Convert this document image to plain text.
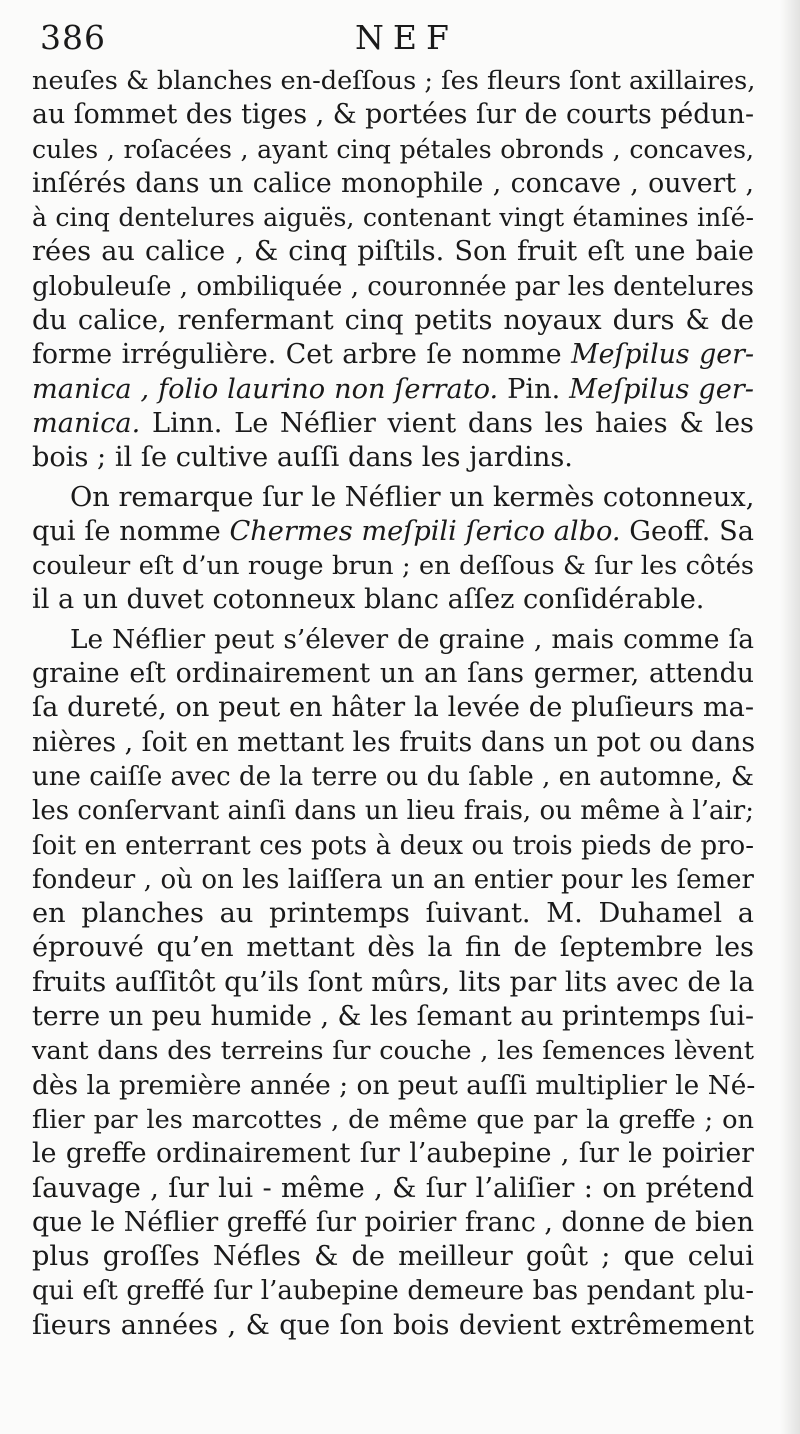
386	NEF
neuſes & blanches en-deſſous ; ſes fleurs ſont axillaires,
au ſommet des tiges , & portées ſur de courts pédun-
cules , roſacées , ayant cinq pétales obronds , concaves,
inſérés dans un calice monophile , concave , ouvert ,
à cinq dentelures aiguës, contenant vingt étamines inſé-
rées au calice , & cinq piſtils. Son fruit eſt une baie
globuleuſe , ombiliquée , couronnée par les dentelures
du calice, renfermant cinq petits noyaux durs & de
forme irrégulière. Cet arbre ſe nomme Meſpilus ger-
manica , folio laurino non ſerrato. Pin. Meſpilus ger-
manica. Linn. Le Néflier vient dans les haies & les
bois ; il ſe cultive auſſi dans les jardins.
On remarque ſur le Néflier un kermès cotonneux,
qui ſe nomme Chermes meſpili ſerico albo. Geoff. Sa
couleur eſt d’un rouge brun ; en deſſous & ſur les côtés
il a un duvet cotonneux blanc aſſez conſidérable.
Le Néflier peut s’élever de graine , mais comme ſa
graine eſt ordinairement un an ſans germer, attendu
ſa dureté, on peut en hâter la levée de pluſieurs ma-
nières , ſoit en mettant les fruits dans un pot ou dans
une caiſſe avec de la terre ou du ſable , en automne, &
les conſervant ainſi dans un lieu frais, ou même à l’air;
ſoit en enterrant ces pots à deux ou trois pieds de pro-
fondeur , où on les laiſſera un an entier pour les ſemer
en planches au printemps ſuivant. M. Duhamel a
éprouvé qu’en mettant dès la fin de ſeptembre les
fruits auſſitôt qu’ils ſont mûrs, lits par lits avec de la
terre un peu humide , & les ſemant au printemps ſui-
vant dans des terreins ſur couche , les ſemences lèvent
dès la première année ; on peut auſſi multiplier le Né-
flier par les marcottes , de même que par la greffe ; on
le greffe ordinairement ſur l’aubepine , ſur le poirier
ſauvage , ſur lui - même , & ſur l’aliſier : on prétend
que le Néflier greffé ſur poirier franc , donne de bien
plus groſſes Néfles & de meilleur goût ; que celui
qui eſt greffé ſur l’aubepine demeure bas pendant plu-
ſieurs années , & que ſon bois devient extrêmement
